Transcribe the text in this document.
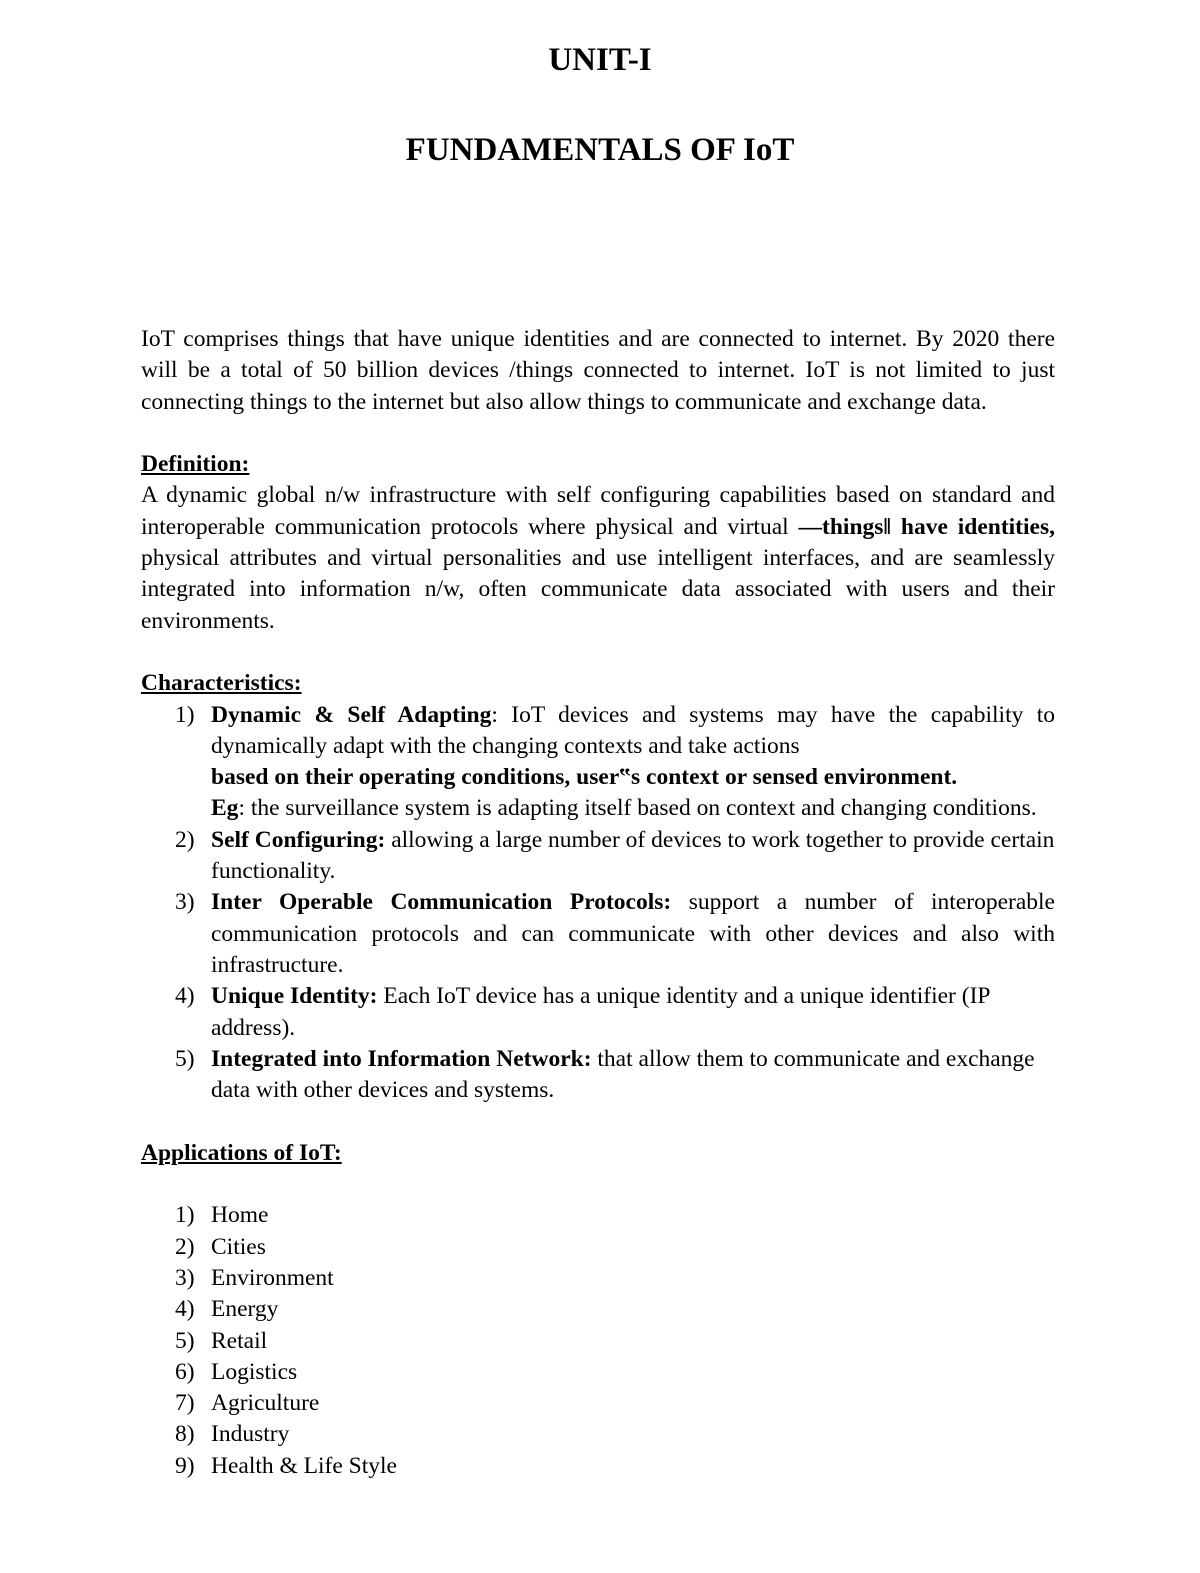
UNIT-I
FUNDAMENTALS OF IoT

IoT comprises things that have unique identities and are connected to internet. By 2020 there will be a total of 50 billion devices /things connected to internet. IoT is not limited to just connecting things to the internet but also allow things to communicate and exchange data.

Definition:

A dynamic global n/w infrastructure with self configuring capabilities based on standard and interoperable communication protocols where physical and virtual ―things‖ have identities, physical attributes and virtual personalities and use intelligent interfaces, and are seamlessly integrated into information n/w, often communicate data associated with users and their environments.

Characteristics:

1) Dynamic & Self Adapting: IoT devices and systems may have the capability to dynamically adapt with the changing contexts and take actions
based on their operating conditions, user‟s context or sensed environment.
Eg: the surveillance system is adapting itself based on context and changing conditions.
2) Self Configuring: allowing a large number of devices to work together to provide certain functionality.
3) Inter Operable Communication Protocols: support a number of interoperable communication protocols and can communicate with other devices and also with infrastructure.
4) Unique Identity: Each IoT device has a unique identity and a unique identifier (IP address).
5) Integrated into Information Network: that allow them to communicate and exchange data with other devices and systems.

Applications of IoT:

1) Home
2) Cities
3) Environment
4) Energy
5) Retail
6) Logistics
7) Agriculture
8) Industry
9) Health & Life Style
